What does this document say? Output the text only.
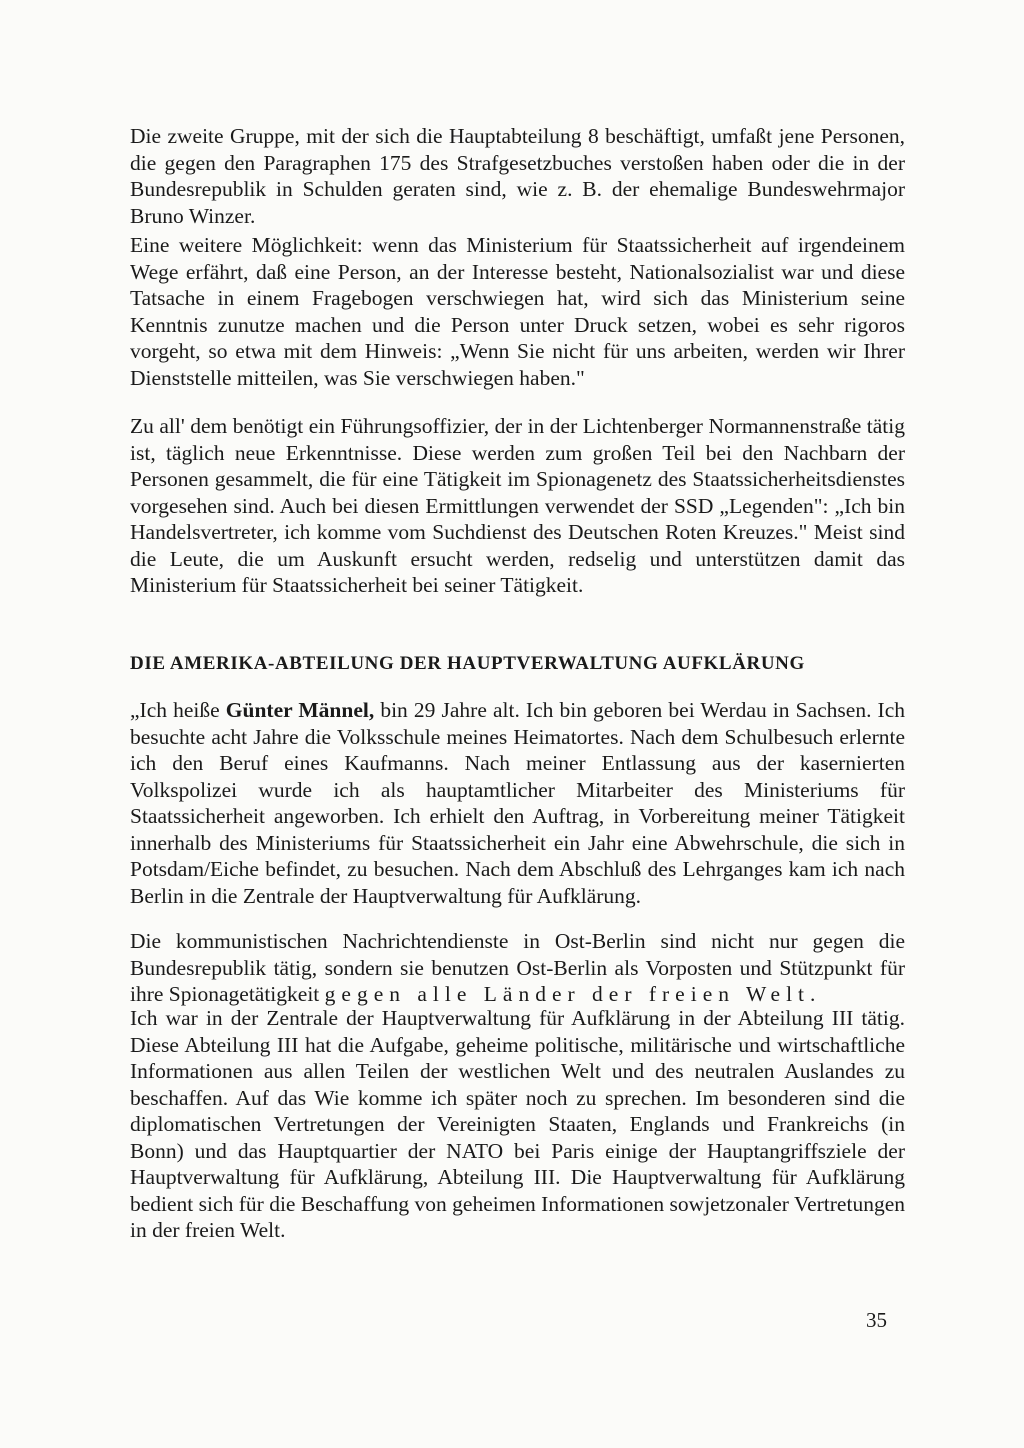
Die zweite Gruppe, mit der sich die Hauptabteilung 8 beschäftigt, umfaßt jene Personen, die gegen den Paragraphen 175 des Strafgesetzbuches verstoßen haben oder die in der Bundesrepublik in Schulden geraten sind, wie z. B. der ehemalige Bundeswehrmajor Bruno Winzer.

Eine weitere Möglichkeit: wenn das Ministerium für Staatssicherheit auf irgendeinem Wege erfährt, daß eine Person, an der Interesse besteht, Nationalsozialist war und diese Tatsache in einem Fragebogen verschwiegen hat, wird sich das Ministerium seine Kenntnis zunutze machen und die Person unter Druck setzen, wobei es sehr rigoros vorgeht, so etwa mit dem Hinweis: „Wenn Sie nicht für uns arbeiten, werden wir Ihrer Dienststelle mitteilen, was Sie verschwiegen haben."

Zu all' dem benötigt ein Führungsoffizier, der in der Lichtenberger Normannenstraße tätig ist, täglich neue Erkenntnisse. Diese werden zum großen Teil bei den Nachbarn der Personen gesammelt, die für eine Tätigkeit im Spionagenetz des Staatssicherheitsdienstes vorgesehen sind. Auch bei diesen Ermittlungen verwendet der SSD „Legenden": „Ich bin Handelsvertreter, ich komme vom Suchdienst des Deutschen Roten Kreuzes." Meist sind die Leute, die um Auskunft ersucht werden, redselig und unterstützen damit das Ministerium für Staatssicherheit bei seiner Tätigkeit.

DIE AMERIKA-ABTEILUNG DER HAUPTVERWALTUNG AUFKLÄRUNG

„Ich heiße Günter Männel, bin 29 Jahre alt. Ich bin geboren bei Werdau in Sachsen. Ich besuchte acht Jahre die Volksschule meines Heimatortes. Nach dem Schulbesuch erlernte ich den Beruf eines Kaufmanns. Nach meiner Entlassung aus der kasernierten Volkspolizei wurde ich als hauptamtlicher Mitarbeiter des Ministeriums für Staatssicherheit angeworben. Ich erhielt den Auftrag, in Vorbereitung meiner Tätigkeit innerhalb des Ministeriums für Staatssicherheit ein Jahr eine Abwehrschule, die sich in Potsdam/Eiche befindet, zu besuchen. Nach dem Abschluß des Lehrganges kam ich nach Berlin in die Zentrale der Hauptverwaltung für Aufklärung.

Die kommunistischen Nachrichtendienste in Ost-Berlin sind nicht nur gegen die Bundesrepublik tätig, sondern sie benutzen Ost-Berlin als Vorposten und Stützpunkt für ihre Spionagetätigkeit gegen alle Länder der freien Welt.

Ich war in der Zentrale der Hauptverwaltung für Aufklärung in der Abteilung III tätig. Diese Abteilung III hat die Aufgabe, geheime politische, militärische und wirtschaftliche Informationen aus allen Teilen der westlichen Welt und des neutralen Auslandes zu beschaffen. Auf das Wie komme ich später noch zu sprechen. Im besonderen sind die diplomatischen Vertretungen der Vereinigten Staaten, Englands und Frankreichs (in Bonn) und das Hauptquartier der NATO bei Paris einige der Hauptangriffsziele der Hauptverwaltung für Aufklärung, Abteilung III. Die Hauptverwaltung für Aufklärung bedient sich für die Beschaffung von geheimen Informationen sowjetzonaler Vertretungen in der freien Welt.

35
